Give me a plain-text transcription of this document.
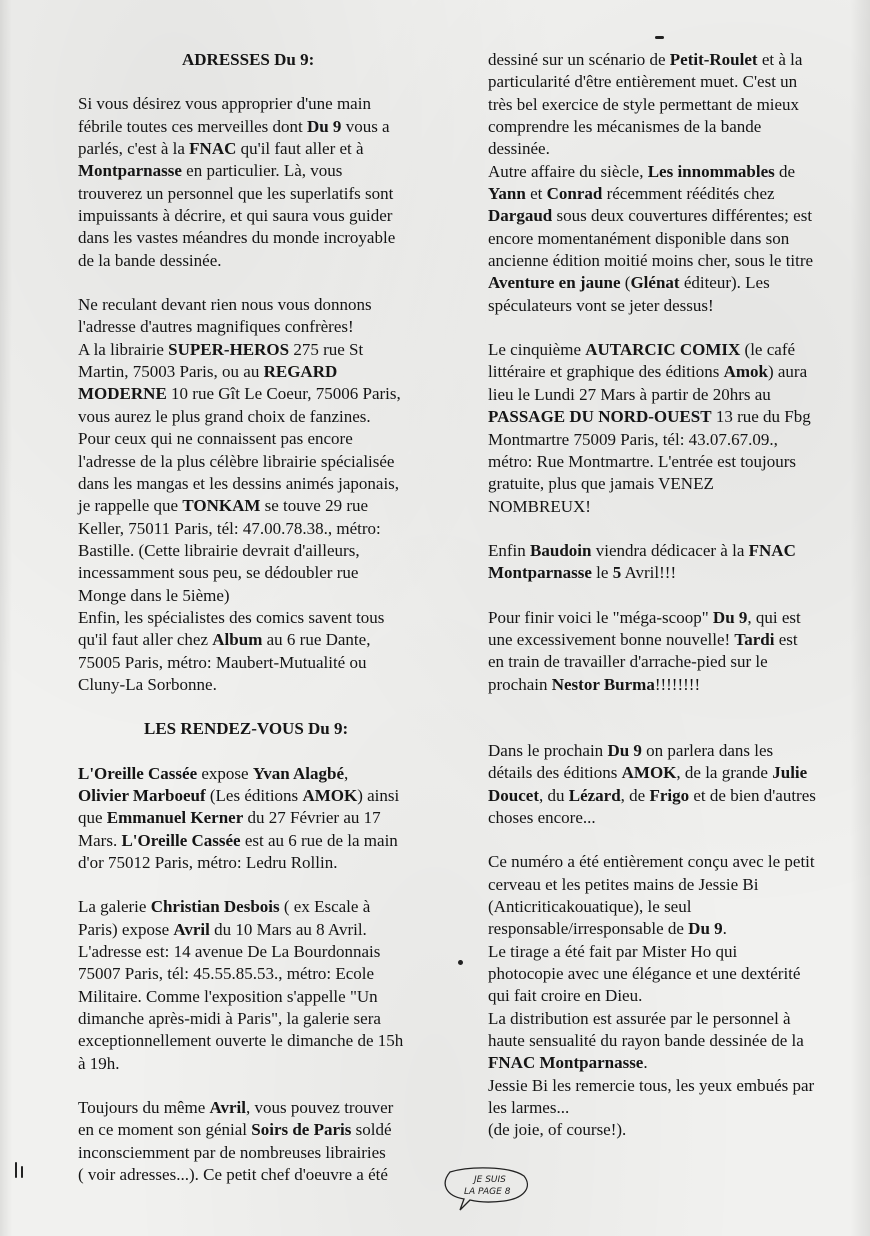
ADRESSES Du 9:

Si vous désirez vous approprier d'une main
fébrile toutes ces merveilles dont Du 9 vous a
parlés, c'est à la FNAC qu'il faut aller et à
Montparnasse en particulier. Là, vous
trouverez un personnel que les superlatifs sont
impuissants à décrire, et qui saura vous guider
dans les vastes méandres du monde incroyable
de la bande dessinée.

Ne reculant devant rien nous vous donnons
l'adresse d'autres magnifiques confrères!
A la librairie SUPER-HEROS 275 rue St
Martin, 75003 Paris, ou au REGARD
MODERNE 10 rue Gît Le Coeur, 75006 Paris,
vous aurez le plus grand choix de fanzines.
Pour ceux qui ne connaissent pas encore
l'adresse de la plus célèbre librairie spécialisée
dans les mangas et les dessins animés japonais,
je rappelle que TONKAM se touve 29 rue
Keller, 75011 Paris, tél: 47.00.78.38., métro:
Bastille. (Cette librairie devrait d'ailleurs,
incessamment sous peu, se dédoubler rue
Monge dans le 5ième)
Enfin, les spécialistes des comics savent tous
qu'il faut aller chez Album au 6 rue Dante,
75005 Paris, métro: Maubert-Mutualité ou
Cluny-La Sorbonne.

LES RENDEZ-VOUS Du 9:

L'Oreille Cassée expose Yvan Alagbé,
Olivier Marboeuf (Les éditions AMOK) ainsi
que Emmanuel Kerner du 27 Février au 17
Mars. L'Oreille Cassée est au 6 rue de la main
d'or 75012 Paris, métro: Ledru Rollin.

La galerie Christian Desbois ( ex Escale à
Paris) expose Avril du 10 Mars au 8 Avril.
L'adresse est: 14 avenue De La Bourdonnais
75007 Paris, tél: 45.55.85.53., métro: Ecole
Militaire. Comme l'exposition s'appelle "Un
dimanche après-midi à Paris", la galerie sera
exceptionnellement ouverte le dimanche de 15h
à 19h.

Toujours du même Avril, vous pouvez trouver
en ce moment son génial Soirs de Paris soldé
inconsciemment par de nombreuses librairies
( voir adresses...). Ce petit chef d'oeuvre a été

dessiné sur un scénario de Petit-Roulet et à la
particularité d'être entièrement muet. C'est un
très bel exercice de style permettant de mieux
comprendre les mécanismes de la bande
dessinée.
Autre affaire du siècle, Les innommables de
Yann et Conrad récemment réédités chez
Dargaud sous deux couvertures différentes; est
encore momentanément disponible dans son
ancienne édition moitié moins cher, sous le titre
Aventure en jaune (Glénat éditeur). Les
spéculateurs vont se jeter dessus!

Le cinquième AUTARCIC COMIX (le café
littéraire et graphique des éditions Amok) aura
lieu le Lundi 27 Mars à partir de 20hrs au
PASSAGE DU NORD-OUEST 13 rue du Fbg
Montmartre 75009 Paris, tél: 43.07.67.09.,
métro: Rue Montmartre. L'entrée est toujours
gratuite, plus que jamais VENEZ
NOMBREUX!

Enfin Baudoin viendra dédicacer à la FNAC
Montparnasse le 5 Avril!!!

Pour finir voici le "méga-scoop" Du 9, qui est
une excessivement bonne nouvelle! Tardi est
en train de travailler d'arrache-pied sur le
prochain Nestor Burma!!!!!!!!

Dans le prochain Du 9 on parlera dans les
détails des éditions AMOK, de la grande Julie
Doucet, du Lézard, de Frigo et de bien d'autres
choses encore...

Ce numéro a été entièrement conçu avec le petit
cerveau et les petites mains de Jessie Bi
(Anticriticakouatique), le seul
responsable/irresponsable de Du 9.
Le tirage a été fait par Mister Ho qui
photocopie avec une élégance et une dextérité
qui fait croire en Dieu.
La distribution est assurée par le personnel à
haute sensualité du rayon bande dessinée de la
FNAC Montparnasse.
Jessie Bi les remercie tous, les yeux embués par
les larmes...
(de joie, of course!).

JE SUIS
LA PAGE 8
